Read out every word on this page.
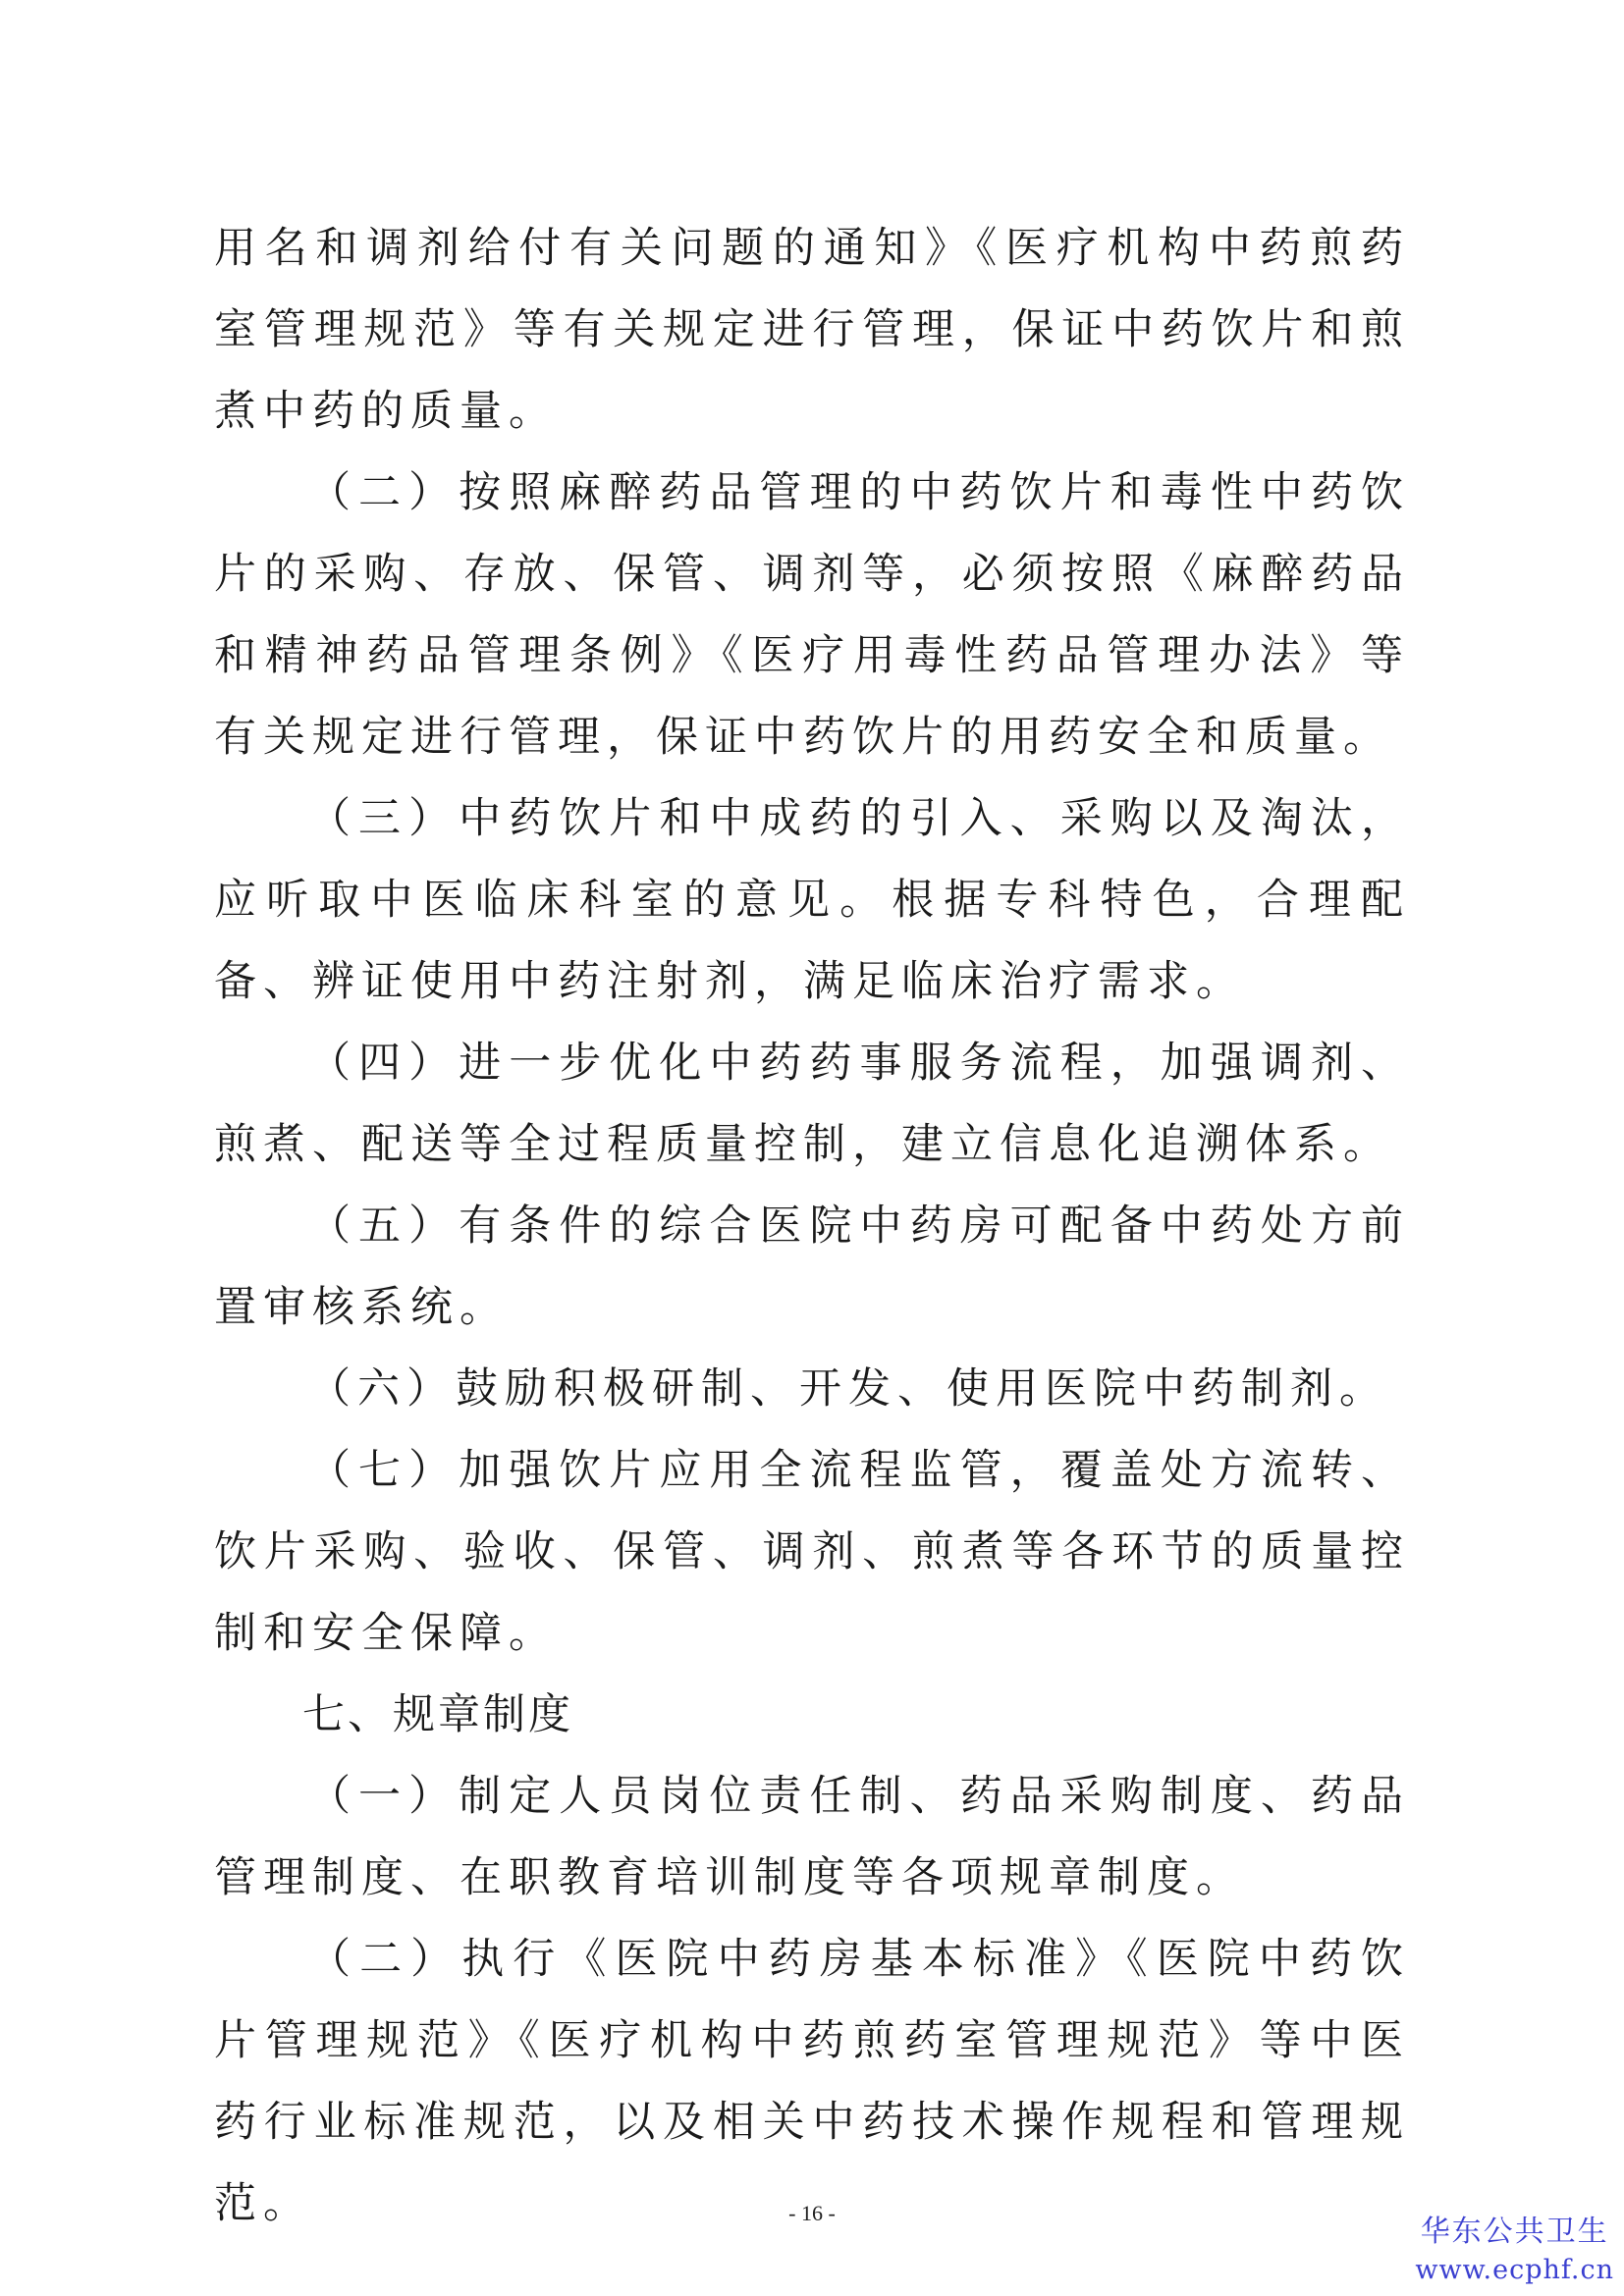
用名和调剂给付有关问题的通知》《医疗机构中药煎药室管理规范》等有关规定进行管理，保证中药饮片和煎煮中药的质量。

（二）按照麻醉药品管理的中药饮片和毒性中药饮片的采购、存放、保管、调剂等，必须按照《麻醉药品和精神药品管理条例》《医疗用毒性药品管理办法》等有关规定进行管理，保证中药饮片的用药安全和质量。

（三）中药饮片和中成药的引入、采购以及淘汰，应听取中医临床科室的意见。根据专科特色，合理配备、辨证使用中药注射剂，满足临床治疗需求。

（四）进一步优化中药药事服务流程，加强调剂、煎煮、配送等全过程质量控制，建立信息化追溯体系。

（五）有条件的综合医院中药房可配备中药处方前置审核系统。

（六）鼓励积极研制、开发、使用医院中药制剂。

（七）加强饮片应用全流程监管，覆盖处方流转、饮片采购、验收、保管、调剂、煎煮等各环节的质量控制和安全保障。

七、规章制度

（一）制定人员岗位责任制、药品采购制度、药品管理制度、在职教育培训制度等各项规章制度。

（二）执行《医院中药房基本标准》《医院中药饮片管理规范》《医疗机构中药煎药室管理规范》等中医药行业标准规范，以及相关中药技术操作规程和管理规范。	- 16 -
华东公共卫生
www.ecphf.cn
